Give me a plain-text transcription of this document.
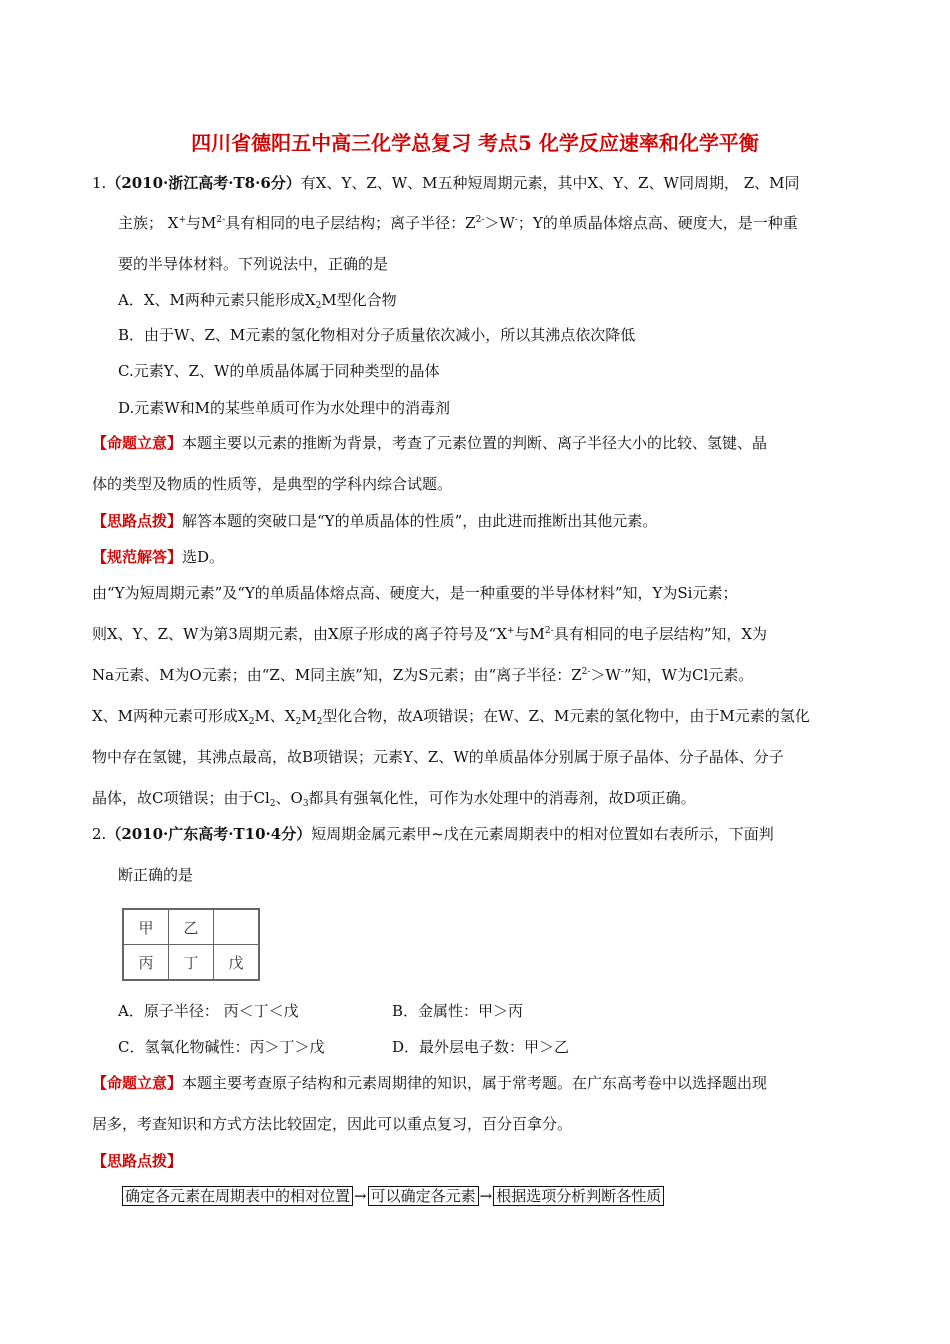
四川省德阳五中高三化学总复习 考点5 化学反应速率和化学平衡
1.（2010·浙江高考·T8·6分）有X、Y、Z、W、M五种短周期元素，其中X、Y、Z、W同周期， Z、M同
主族； X+与$M^{2-}$具有相同的电子层结构；离子半径：$Z^{2-}>W^-$；Y的单质晶体熔点高、硬度大，是一种重
要的半导体材料。下列说法中，正确的是
A．X、M两种元素只能形成$X_2M$型化合物
B．由于W、Z、M元素的氢化物相对分子质量依次减小，所以其沸点依次降低
C.元素Y、Z、W的单质晶体属于同种类型的晶体
D.元素W和M的某些单质可作为水处理中的消毒剂
【命题立意】本题主要以元素的推断为背景，考查了元素位置的判断、离子半径大小的比较、氢键、晶
体的类型及物质的性质等，是典型的学科内综合试题。
【思路点拨】解答本题的突破口是“Y的单质晶体的性质”，由此进而推断出其他元素。
【规范解答】选D。
由“Y为短周期元素”及“Y的单质晶体熔点高、硬度大，是一种重要的半导体材料”知，Y为Si元素；
则X、Y、Z、W为第3周期元素，由X原子形成的离子符号及“X+与$M^{2-}$具有相同的电子层结构”知，X为
Na元素、M为O元素；由“Z、M同主族”知，Z为S元素；由“离子半径：$Z^{2-}>W^-$”知，W为Cl元素。
X、M两种元素可形成$X_2M$、$X_2M_2$型化合物，故A项错误；在W、Z、M元素的氢化物中，由于M元素的氢化
物中存在氢键，其沸点最高，故B项错误；元素Y、Z、W的单质晶体分别属于原子晶体、分子晶体、分子
晶体，故C项错误；由于$Cl_2$、$O_3$都具有强氧化性，可作为水处理中的消毒剂，故D项正确。
2.（2010·广东高考·T10·4分）短周期金属元素甲~戊在元素周期表中的相对位置如右表所示，下面判
断正确的是
甲	乙	
丙	丁	戊
A．原子半径： 丙＜丁＜戊	B．金属性：甲＞丙
C．氢氧化物碱性：丙＞丁＞戊	D．最外层电子数：甲＞乙
【命题立意】本题主要考查原子结构和元素周期律的知识，属于常考题。在广东高考卷中以选择题出现
居多，考查知识和方式方法比较固定，因此可以重点复习，百分百拿分。
【思路点拨】
确定各元素在周期表中的相对位置 → 可以确定各元素 → 根据选项分析判断各性质
